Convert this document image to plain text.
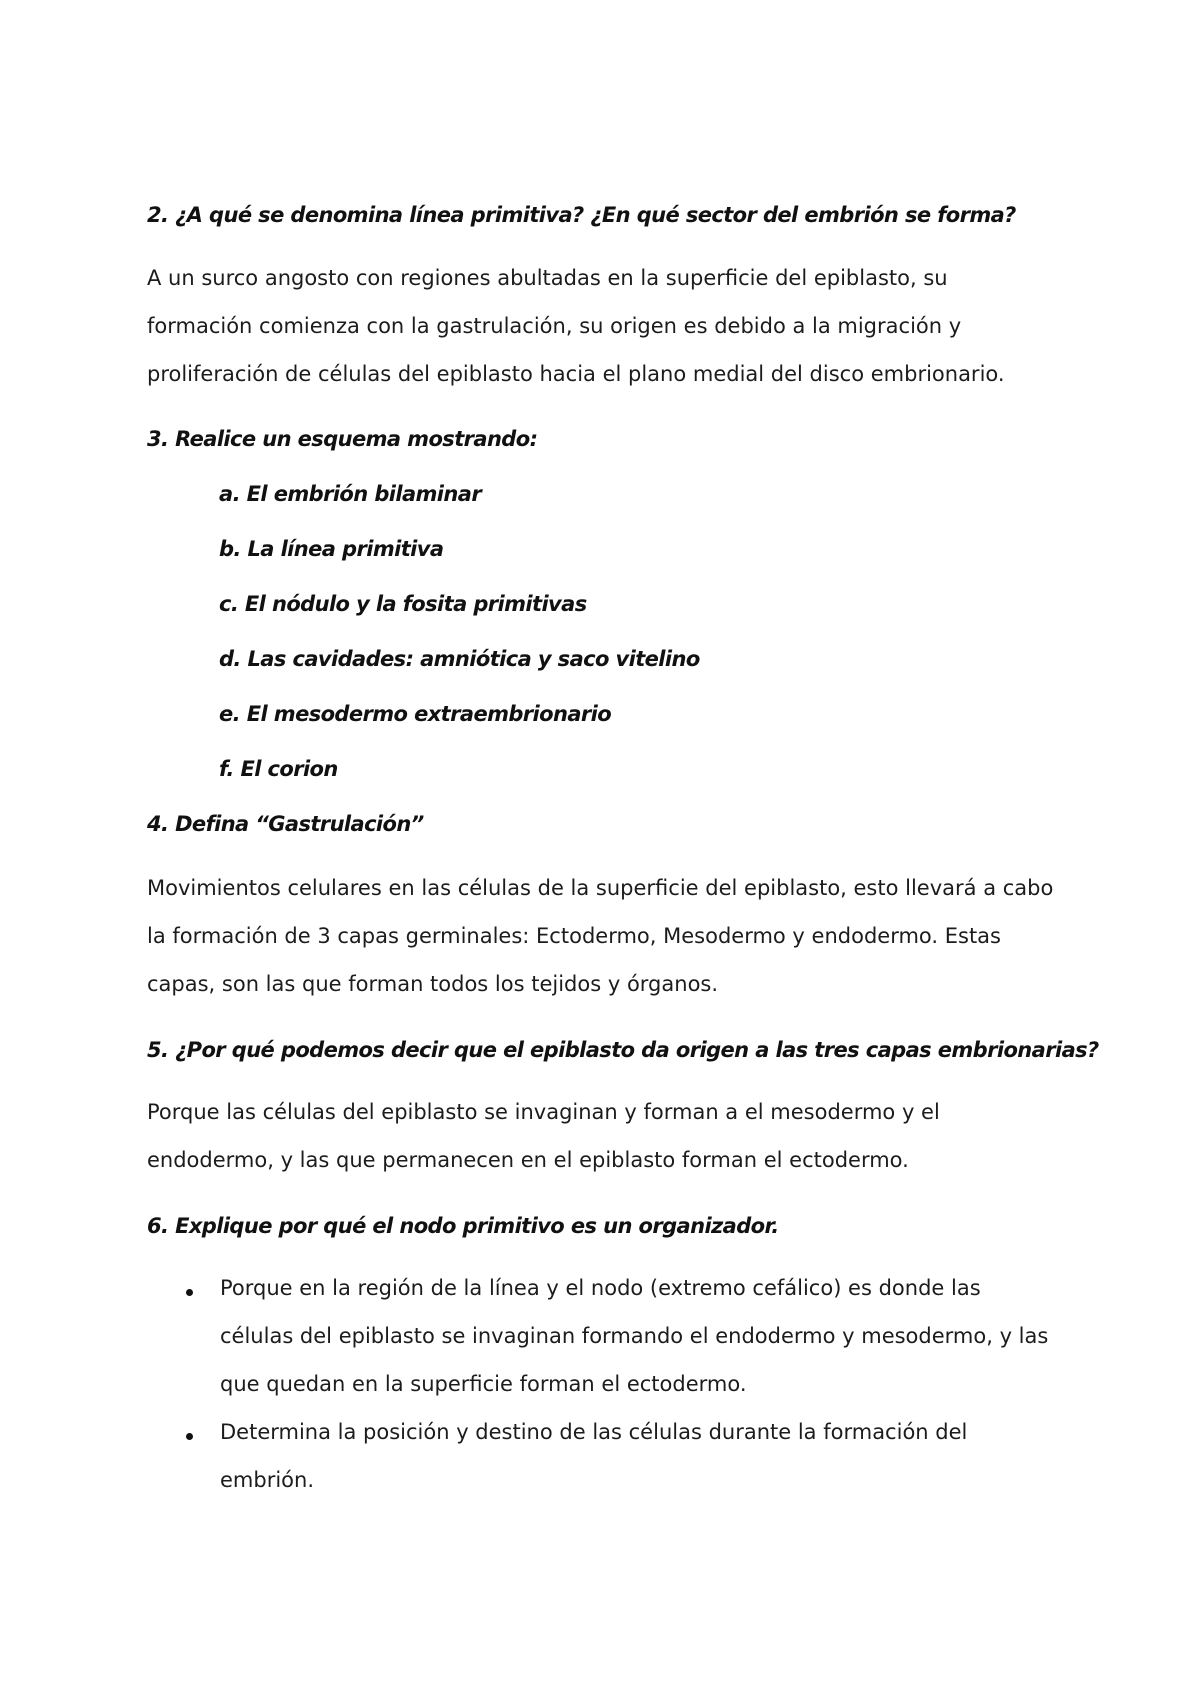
2. ¿A qué se denomina línea primitiva? ¿En qué sector del embrión se forma?
A un surco angosto con regiones abultadas en la superficie del epiblasto, su
formación comienza con la gastrulación, su origen es debido a la migración y
proliferación de células del epiblasto hacia el plano medial del disco embrionario.
3. Realice un esquema mostrando:
a. El embrión bilaminar
b. La línea primitiva
c. El nódulo y la fosita primitivas
d. Las cavidades: amniótica y saco vitelino
e. El mesodermo extraembrionario
f. El corion
4. Defina “Gastrulación”
Movimientos celulares en las células de la superficie del epiblasto, esto llevará a cabo
la formación de 3 capas germinales: Ectodermo, Mesodermo y endodermo. Estas
capas, son las que forman todos los tejidos y órganos.
5. ¿Por qué podemos decir que el epiblasto da origen a las tres capas embrionarias?
Porque las células del epiblasto se invaginan y forman a el mesodermo y el
endodermo, y las que permanecen en el epiblasto forman el ectodermo.
6. Explique por qué el nodo primitivo es un organizador.
Porque en la región de la línea y el nodo (extremo cefálico) es donde las
células del epiblasto se invaginan formando el endodermo y mesodermo, y las
que quedan en la superficie forman el ectodermo.
Determina la posición y destino de las células durante la formación del
embrión.
